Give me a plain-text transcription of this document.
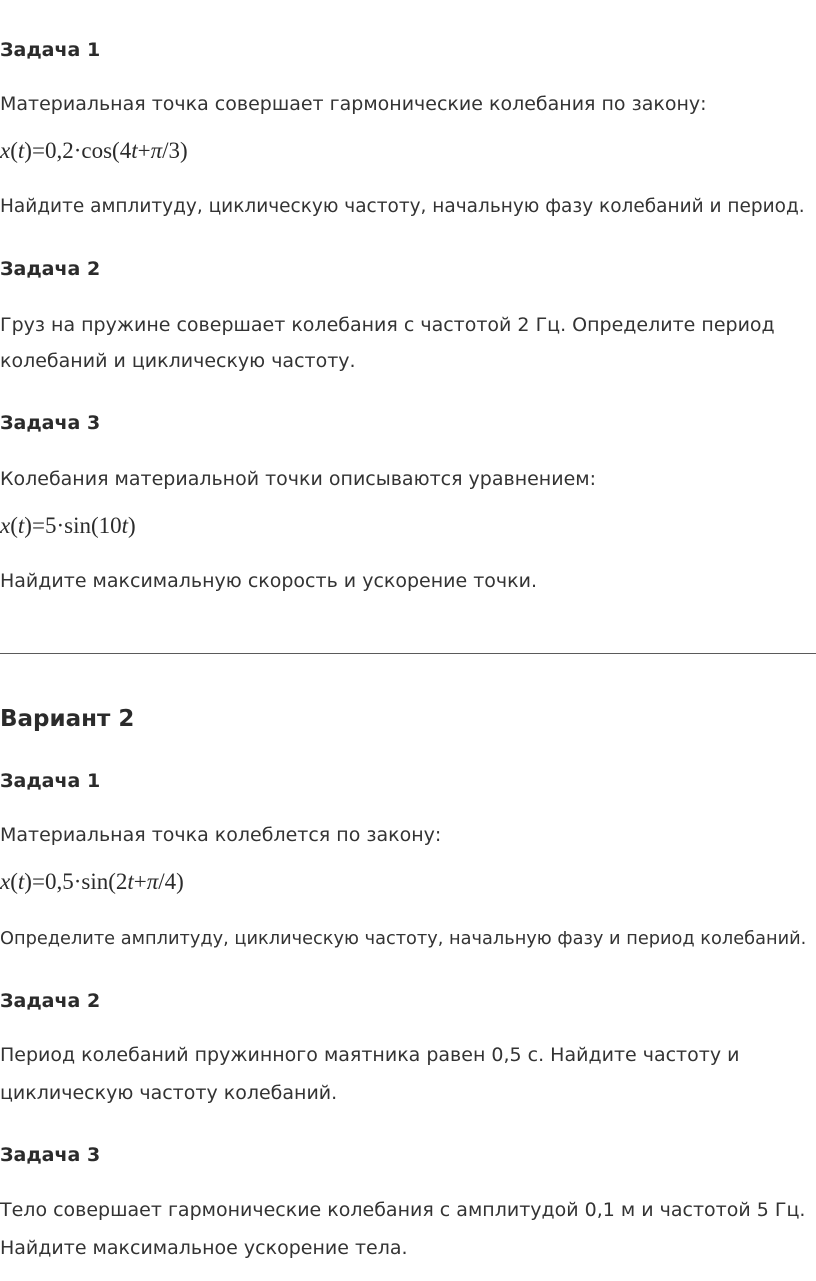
Задача 1
Материальная точка совершает гармонические колебания по закону:
x(t)=0,2·cos(4t+π/3)
Найдите амплитуду, циклическую частоту, начальную фазу колебаний и период.
Задача 2
Груз на пружине совершает колебания с частотой 2 Гц. Определите период
колебаний и циклическую частоту.
Задача 3
Колебания материальной точки описываются уравнением:
x(t)=5·sin(10t)
Найдите максимальную скорость и ускорение точки.
Вариант 2
Задача 1
Материальная точка колеблется по закону:
x(t)=0,5·sin(2t+π/4)
Определите амплитуду, циклическую частоту, начальную фазу и период колебаний.
Задача 2
Период колебаний пружинного маятника равен 0,5 с. Найдите частоту и
циклическую частоту колебаний.
Задача 3
Тело совершает гармонические колебания с амплитудой 0,1 м и частотой 5 Гц.
Найдите максимальное ускорение тела.
